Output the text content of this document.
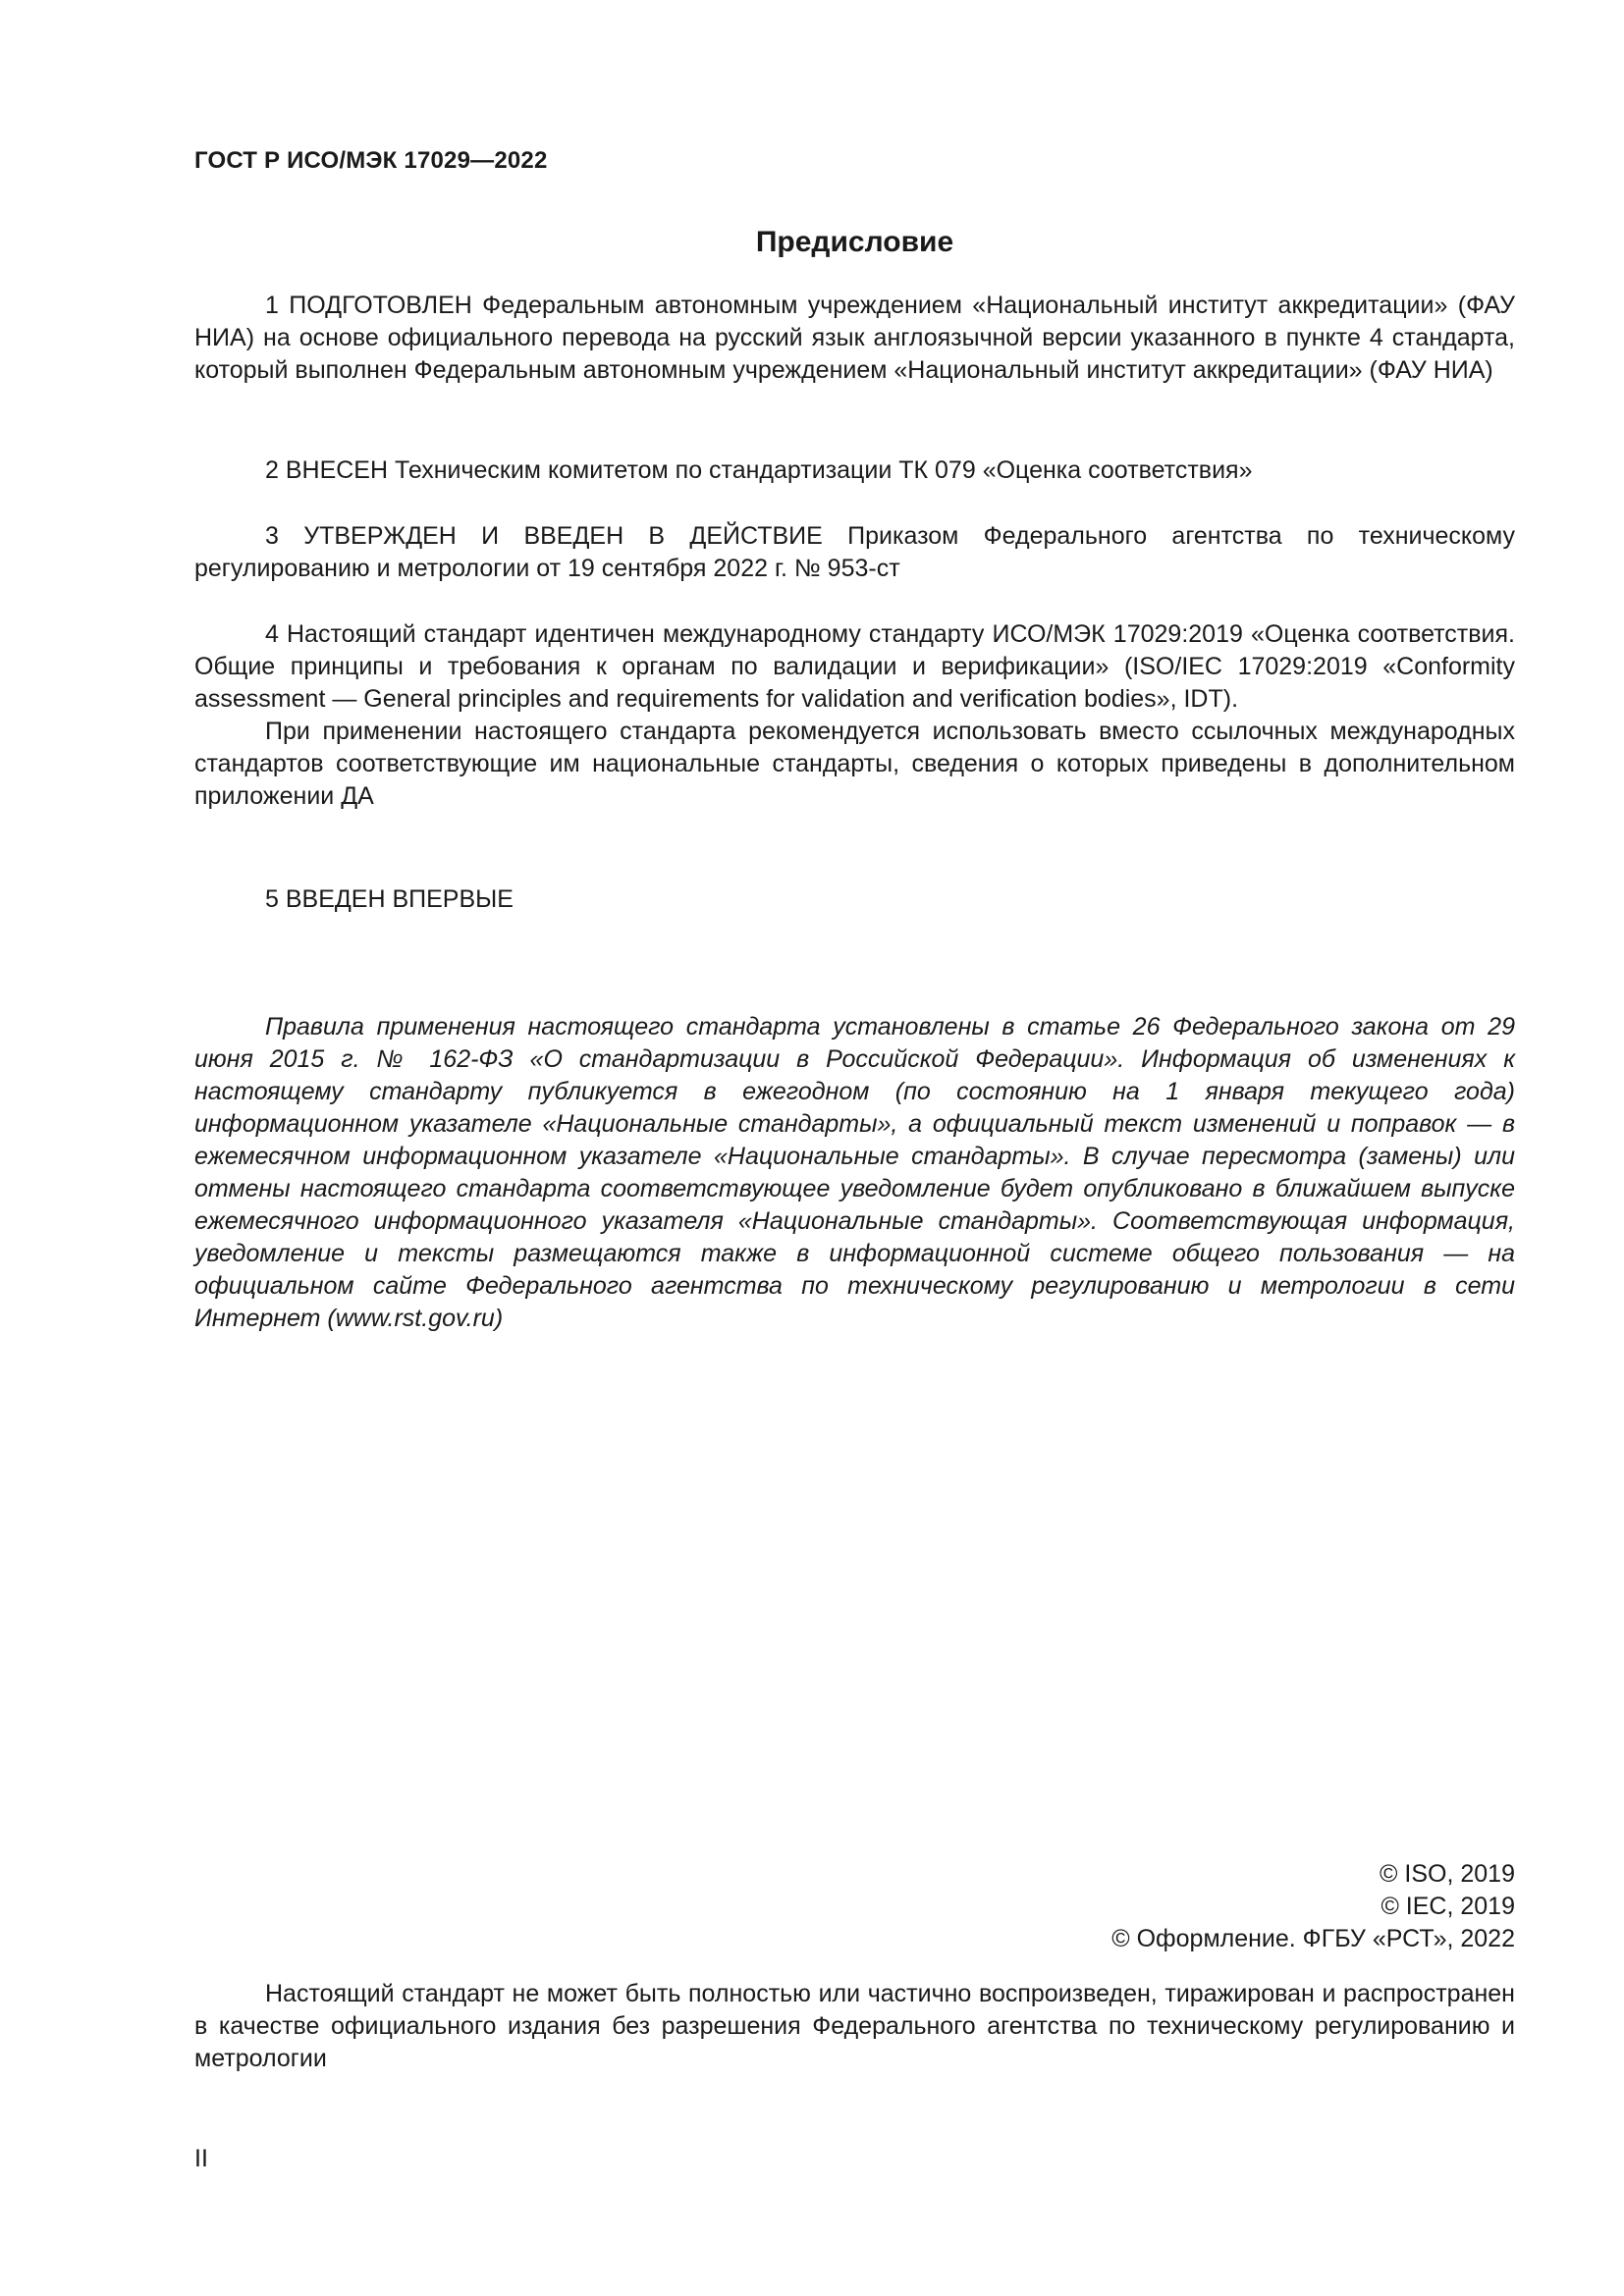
ГОСТ Р ИСО/МЭК 17029—2022
Предисловие

1 ПОДГОТОВЛЕН Федеральным автономным учреждением «Национальный институт аккредитации» (ФАУ НИА) на основе официального перевода на русский язык англоязычной версии указанного в пункте 4 стандарта, который выполнен Федеральным автономным учреждением «Национальный институт аккредитации» (ФАУ НИА)

2 ВНЕСЕН Техническим комитетом по стандартизации ТК 079 «Оценка соответствия»

3 УТВЕРЖДЕН И ВВЕДЕН В ДЕЙСТВИЕ Приказом Федерального агентства по техническому регулированию и метрологии от 19 сентября 2022 г. № 953-ст

4 Настоящий стандарт идентичен международному стандарту ИСО/МЭК 17029:2019 «Оценка соответствия. Общие принципы и требования к органам по валидации и верификации» (ISO/IEC 17029:2019 «Conformity assessment — General principles and requirements for validation and verification bodies», IDT).

При применении настоящего стандарта рекомендуется использовать вместо ссылочных международных стандартов соответствующие им национальные стандарты, сведения о которых приведены в дополнительном приложении ДА

5 ВВЕДЕН ВПЕРВЫЕ

Правила применения настоящего стандарта установлены в статье 26 Федерального закона от 29 июня 2015 г. № 162-ФЗ «О стандартизации в Российской Федерации». Информация об изменениях к настоящему стандарту публикуется в ежегодном (по состоянию на 1 января текущего года) информационном указателе «Национальные стандарты», а официальный текст изменений и поправок — в ежемесячном информационном указателе «Национальные стандарты». В случае пересмотра (замены) или отмены настоящего стандарта соответствующее уведомление будет опубликовано в ближайшем выпуске ежемесячного информационного указателя «Национальные стандарты». Соответствующая информация, уведомление и тексты размещаются также в информационной системе общего пользования — на официальном сайте Федерального агентства по техническому регулированию и метрологии в сети Интернет (www.rst.gov.ru)

© ISO, 2019
© IEC, 2019
© Оформление. ФГБУ «РСТ», 2022

Настоящий стандарт не может быть полностью или частично воспроизведен, тиражирован и распространен в качестве официального издания без разрешения Федерального агентства по техническому регулированию и метрологии

II
